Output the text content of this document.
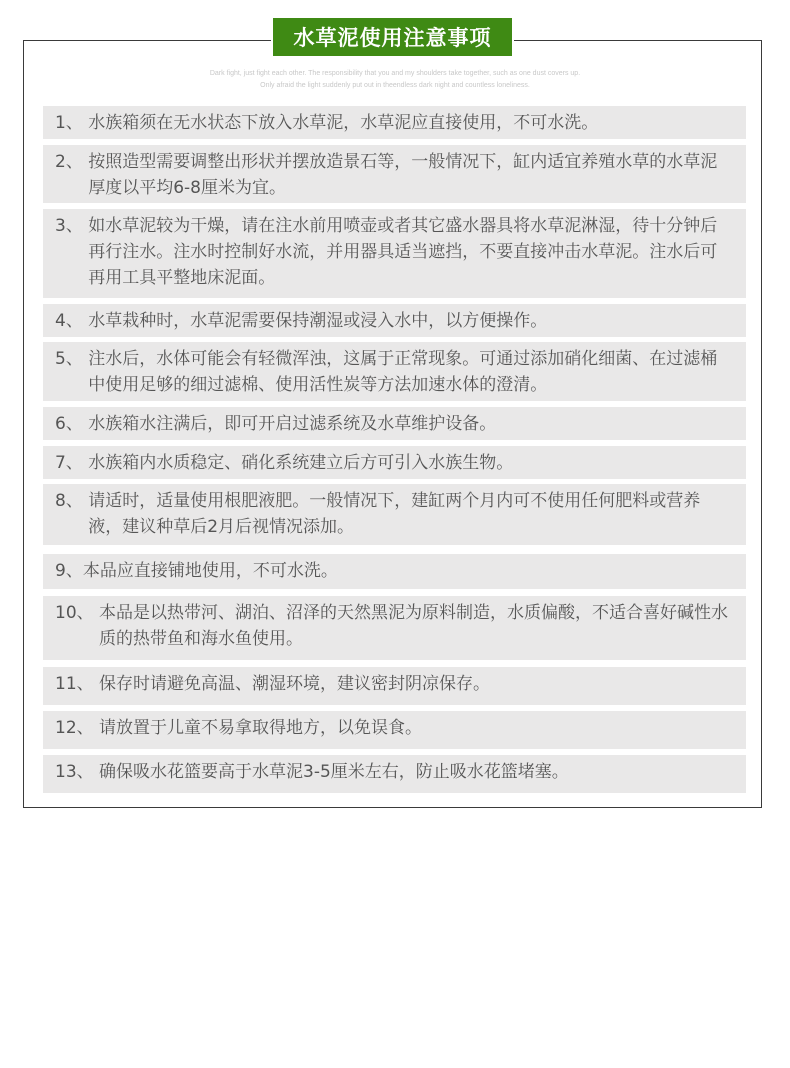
水草泥使用注意事项
Dark fight, just fight each other. The responsibility that you and my shoulders take together, such as one dust covers up.
Only afraid the light suddenly put out in theendless dark night and countless loneliness.
1、 水族箱须在无水状态下放入水草泥，水草泥应直接使用，不可水洗。
2、 按照造型需要调整出形状并摆放造景石等，一般情况下，缸内适宜养殖水草的水草泥厚度以平均6-8厘米为宜。
3、 如水草泥较为干燥，请在注水前用喷壶或者其它盛水器具将水草泥淋湿，待十分钟后再行注水。注水时控制好水流，并用器具适当遮挡，不要直接冲击水草泥。注水后可再用工具平整地床泥面。
4、 水草栽种时，水草泥需要保持潮湿或浸入水中，以方便操作。
5、 注水后，水体可能会有轻微浑浊，这属于正常现象。可通过添加硝化细菌、在过滤桶中使用足够的细过滤棉、使用活性炭等方法加速水体的澄清。
6、 水族箱水注满后，即可开启过滤系统及水草维护设备。
7、 水族箱内水质稳定、硝化系统建立后方可引入水族生物。
8、 请适时，适量使用根肥液肥。一般情况下，建缸两个月内可不使用任何肥料或营养液，建议种草后2月后视情况添加。
9、 本品应直接铺地使用，不可水洗。
10、 本品是以热带河、湖泊、沼泽的天然黑泥为原料制造，水质偏酸，不适合喜好碱性水质的热带鱼和海水鱼使用。
11、 保存时请避免高温、潮湿环境，建议密封阴凉保存。
12、 请放置于儿童不易拿取得地方，以免误食。
13、 确保吸水花篮要高于水草泥3-5厘米左右，防止吸水花篮堵塞。
